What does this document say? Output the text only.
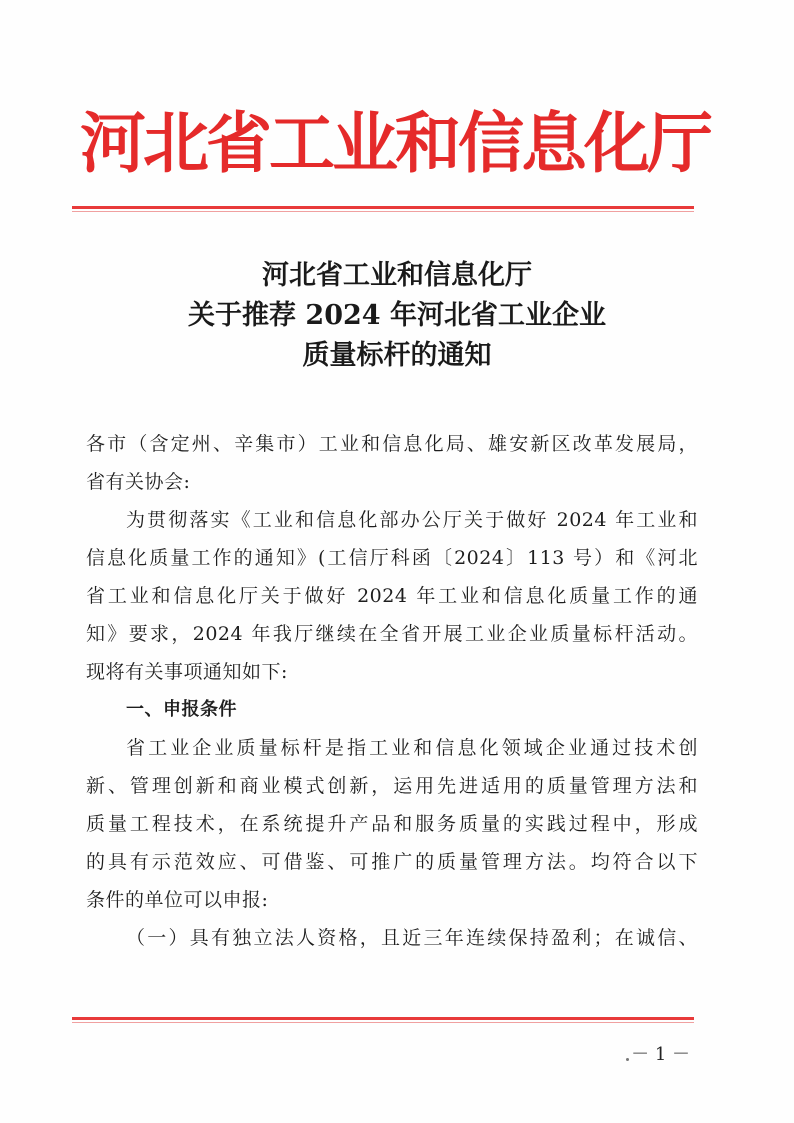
河北省工业和信息化厅
河北省工业和信息化厅
关于推荐 2024 年河北省工业企业
质量标杆的通知
各市（含定州、辛集市）工业和信息化局、雄安新区改革发展局，
省有关协会:
为贯彻落实《工业和信息化部办公厅关于做好 2024 年工业和
信息化质量工作的通知》(工信厅科函〔2024〕113 号）和《河北
省工业和信息化厅关于做好 2024 年工业和信息化质量工作的通
知》要求，2024 年我厅继续在全省开展工业企业质量标杆活动。
现将有关事项通知如下:
一、申报条件
省工业企业质量标杆是指工业和信息化领域企业通过技术创
新、管理创新和商业模式创新，运用先进适用的质量管理方法和
质量工程技术，在系统提升产品和服务质量的实践过程中，形成
的具有示范效应、可借鉴、可推广的质量管理方法。均符合以下
条件的单位可以申报:
（一）具有独立法人资格，且近三年连续保持盈利；在诚信、
－ 1 －
